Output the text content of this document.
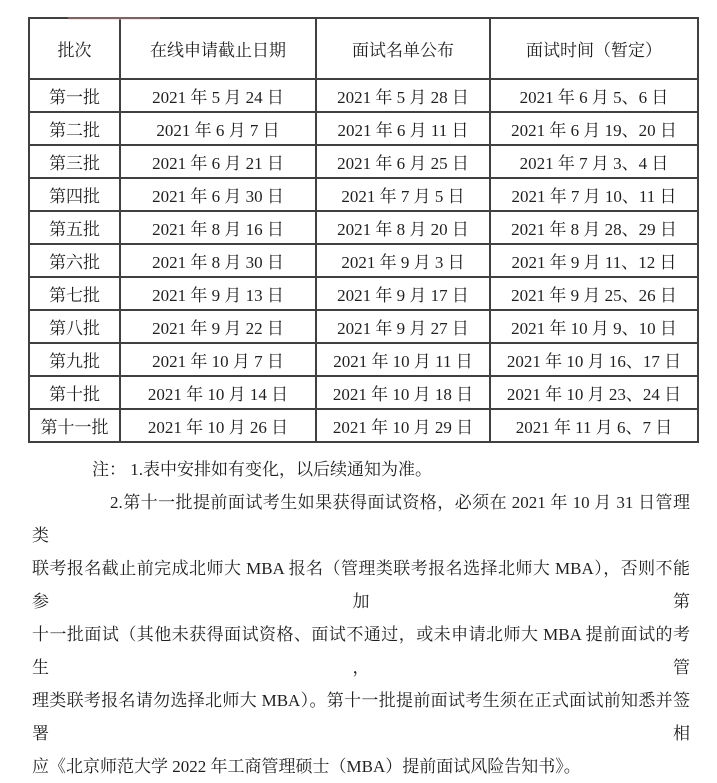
批次	在线申请截止日期	面试名单公布	面试时间（暂定）
第一批	2021 年 5 月 24 日	2021 年 5 月 28 日	2021 年 6 月 5、6 日
第二批	2021 年 6 月 7 日	2021 年 6 月 11 日	2021 年 6 月 19、20 日
第三批	2021 年 6 月 21 日	2021 年 6 月 25 日	2021 年 7 月 3、4 日
第四批	2021 年 6 月 30 日	2021 年 7 月 5 日	2021 年 7 月 10、11 日
第五批	2021 年 8 月 16 日	2021 年 8 月 20 日	2021 年 8 月 28、29 日
第六批	2021 年 8 月 30 日	2021 年 9 月 3 日	2021 年 9 月 11、12 日
第七批	2021 年 9 月 13 日	2021 年 9 月 17 日	2021 年 9 月 25、26 日
第八批	2021 年 9 月 22 日	2021 年 9 月 27 日	2021 年 10 月 9、10 日
第九批	2021 年 10 月 7 日	2021 年 10 月 11 日	2021 年 10 月 16、17 日
第十批	2021 年 10 月 14 日	2021 年 10 月 18 日	2021 年 10 月 23、24 日
第十一批	2021 年 10 月 26 日	2021 年 10 月 29 日	2021 年 11 月 6、7 日
注： 1.表中安排如有变化，以后续通知为准。
2.第十一批提前面试考生如果获得面试资格，必须在 2021 年 10 月 31 日管理类
联考报名截止前完成北师大 MBA 报名（管理类联考报名选择北师大 MBA），否则不能参加第
十一批面试（其他未获得面试资格、面试不通过，或未申请北师大 MBA 提前面试的考生，管
理类联考报名请勿选择北师大 MBA）。第十一批提前面试考生须在正式面试前知悉并签署相
应《北京师范大学 2022 年工商管理硕士（MBA）提前面试风险告知书》。
